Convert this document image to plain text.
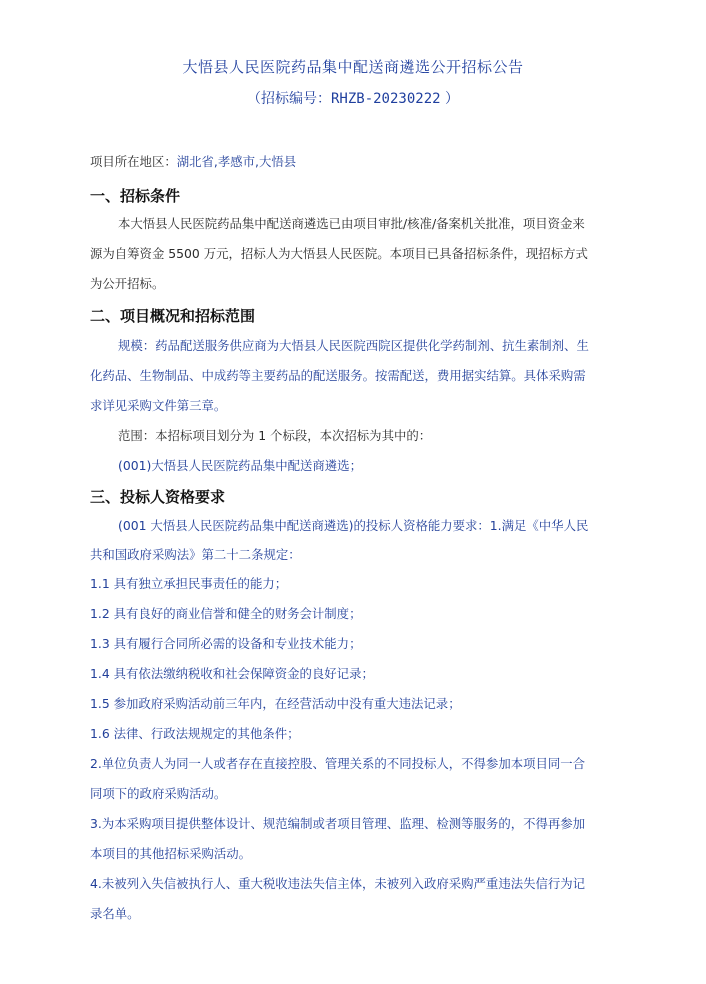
大悟县人民医院药品集中配送商遴选公开招标公告
（招标编号：RHZB-20230222 ）
项目所在地区：湖北省,孝感市,大悟县
一、招标条件
本大悟县人民医院药品集中配送商遴选已由项目审批/核准/备案机关批准，项目资金来
源为自筹资金 5500 万元，招标人为大悟县人民医院。本项目已具备招标条件，现招标方式
为公开招标。
二、项目概况和招标范围
规模：药品配送服务供应商为大悟县人民医院西院区提供化学药制剂、抗生素制剂、生
化药品、生物制品、中成药等主要药品的配送服务。按需配送，费用据实结算。具体采购需
求详见采购文件第三章。
范围：本招标项目划分为 1 个标段，本次招标为其中的：
(001)大悟县人民医院药品集中配送商遴选；
三、投标人资格要求
(001 大悟县人民医院药品集中配送商遴选)的投标人资格能力要求：1.满足《中华人民
共和国政府采购法》第二十二条规定：
1.1 具有独立承担民事责任的能力；
1.2 具有良好的商业信誉和健全的财务会计制度；
1.3 具有履行合同所必需的设备和专业技术能力；
1.4 具有依法缴纳税收和社会保障资金的良好记录；
1.5 参加政府采购活动前三年内，在经营活动中没有重大违法记录；
1.6 法律、行政法规规定的其他条件；
2.单位负责人为同一人或者存在直接控股、管理关系的不同投标人，不得参加本项目同一合
同项下的政府采购活动。
3.为本采购项目提供整体设计、规范编制或者项目管理、监理、检测等服务的，不得再参加
本项目的其他招标采购活动。
4.未被列入失信被执行人、重大税收违法失信主体，未被列入政府采购严重违法失信行为记
录名单。
